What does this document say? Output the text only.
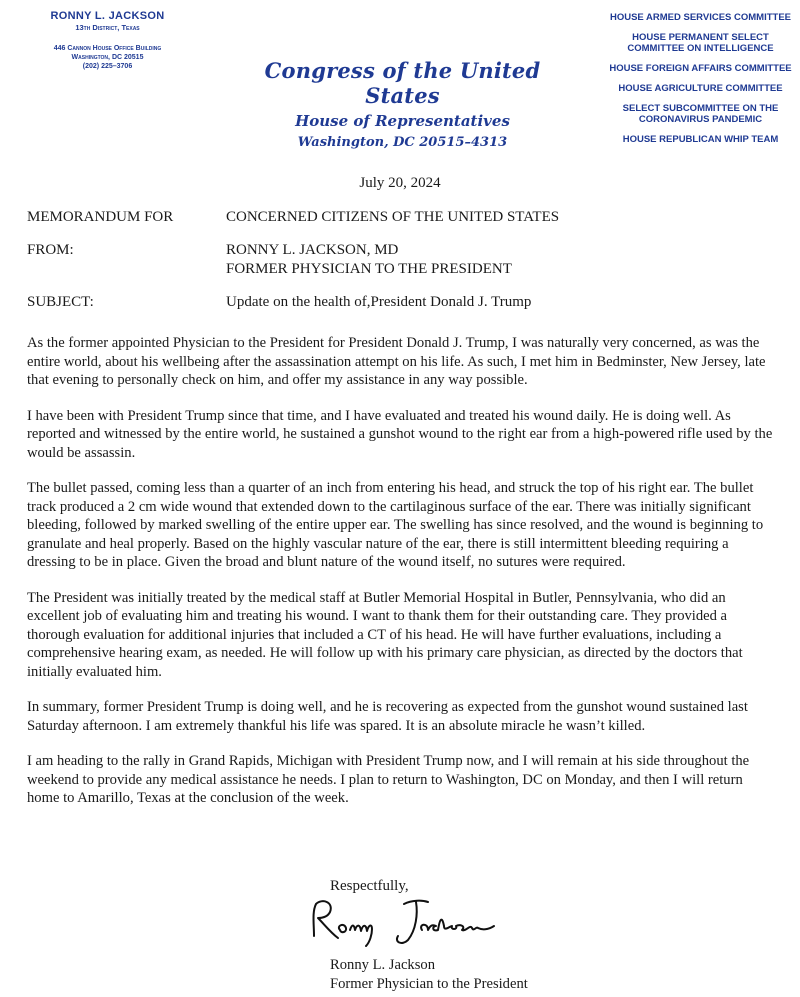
RONNY L. JACKSON
13th District, Texas
446 Cannon House Office Building
Washington, DC 20515
(202) 225–3706	Congress of the United States
House of Representatives
Washington, DC 20515–4313
HOUSE ARMED SERVICES COMMITTEE
HOUSE PERMANENT SELECT COMMITTEE ON INTELLIGENCE
HOUSE FOREIGN AFFAIRS COMMITTEE
HOUSE AGRICULTURE COMMITTEE
SELECT SUBCOMMITTEE ON THE CORONAVIRUS PANDEMIC
HOUSE REPUBLICAN WHIP TEAM
July 20, 2024
MEMORANDUM FOR	CONCERNED CITIZENS OF THE UNITED STATES
FROM:	RONNY L. JACKSON, MD
FORMER PHYSICIAN TO THE PRESIDENT
SUBJECT:	Update on the health of,President Donald J. Trump

As the former appointed Physician to the President for President Donald J. Trump, I was naturally very concerned, as was the entire world, about his wellbeing after the assassination attempt on his life. As such, I met him in Bedminster, New Jersey, late that evening to personally check on him, and offer my assistance in any way possible.

I have been with President Trump since that time, and I have evaluated and treated his wound daily. He is doing well. As reported and witnessed by the entire world, he sustained a gunshot wound to the right ear from a high-powered rifle used by the would be assassin.

The bullet passed, coming less than a quarter of an inch from entering his head, and struck the top of his right ear. The bullet track produced a 2 cm wide wound that extended down to the cartilaginous surface of the ear. There was initially significant bleeding, followed by marked swelling of the entire upper ear. The swelling has since resolved, and the wound is beginning to granulate and heal properly. Based on the highly vascular nature of the ear, there is still intermittent bleeding requiring a dressing to be in place. Given the broad and blunt nature of the wound itself, no sutures were required.

The President was initially treated by the medical staff at Butler Memorial Hospital in Butler, Pennsylvania, who did an excellent job of evaluating him and treating his wound. I want to thank them for their outstanding care. They provided a thorough evaluation for additional injuries that included a CT of his head. He will have further evaluations, including a comprehensive hearing exam, as needed. He will follow up with his primary care physician, as directed by the doctors that initially evaluated him.

In summary, former President Trump is doing well, and he is recovering as expected from the gunshot wound sustained last Saturday afternoon. I am extremely thankful his life was spared. It is an absolute miracle he wasn’t killed.

I am heading to the rally in Grand Rapids, Michigan with President Trump now, and I will remain at his side throughout the weekend to provide any medical assistance he needs. I plan to return to Washington, DC on Monday, and then I will return home to Amarillo, Texas at the conclusion of the week.

Respectfully,
Ronny L. Jackson
Former Physician to the President
